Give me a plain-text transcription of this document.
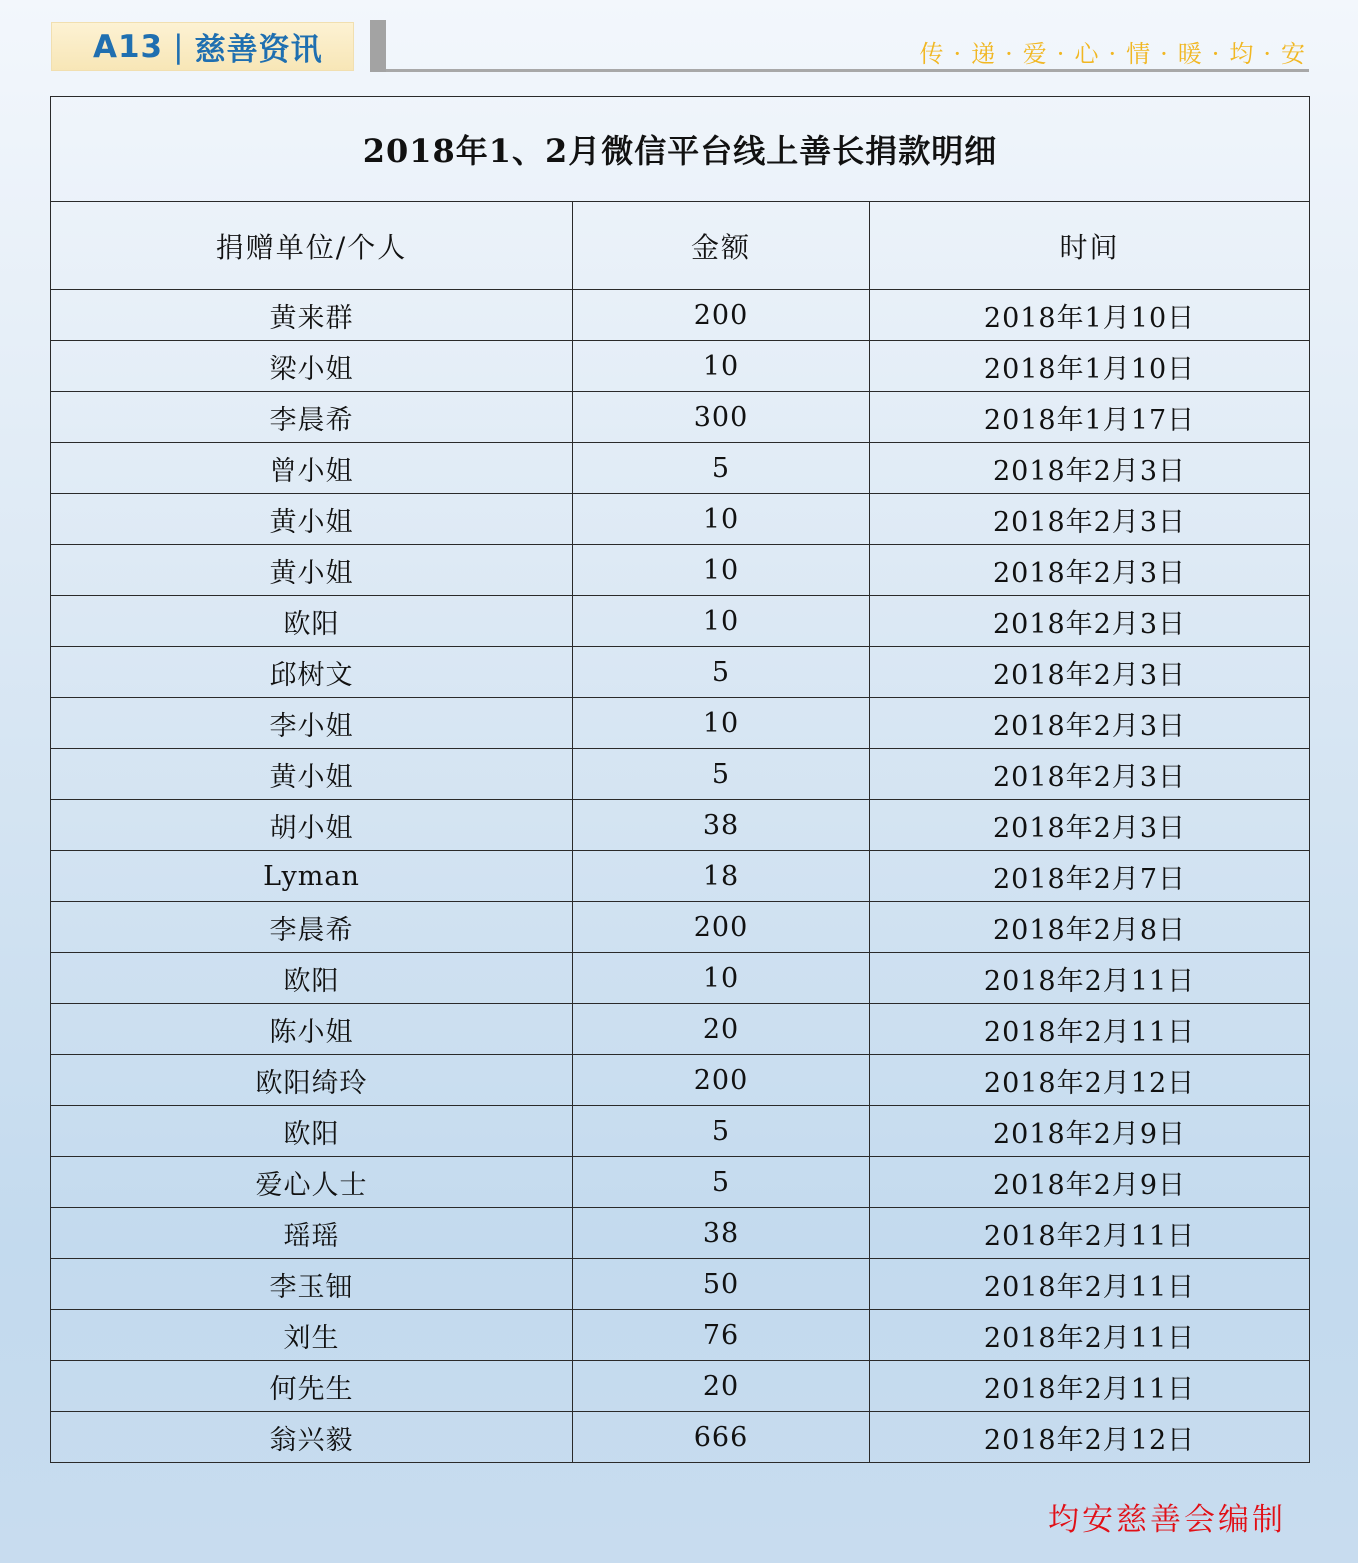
A13 | 慈善资讯	传 · 递 · 爱 · 心 · 情 · 暖 · 均 · 安
2018年1、2月微信平台线上善长捐款明细		
捐赠单位/个人	金额	时间
黄来群	200	2018年1月10日
梁小姐	10	2018年1月10日
李晨希	300	2018年1月17日
曾小姐	5	2018年2月3日
黄小姐	10	2018年2月3日
黄小姐	10	2018年2月3日
欧阳	10	2018年2月3日
邱树文	5	2018年2月3日
李小姐	10	2018年2月3日
黄小姐	5	2018年2月3日
胡小姐	38	2018年2月3日
Lyman	18	2018年2月7日
李晨希	200	2018年2月8日
欧阳	10	2018年2月11日
陈小姐	20	2018年2月11日
欧阳绮玲	200	2018年2月12日
欧阳	5	2018年2月9日
爱心人士	5	2018年2月9日
瑶瑶	38	2018年2月11日
李玉钿	50	2018年2月11日
刘生	76	2018年2月11日
何先生	20	2018年2月11日
翁兴毅	666	2018年2月12日
均安慈善会编制
